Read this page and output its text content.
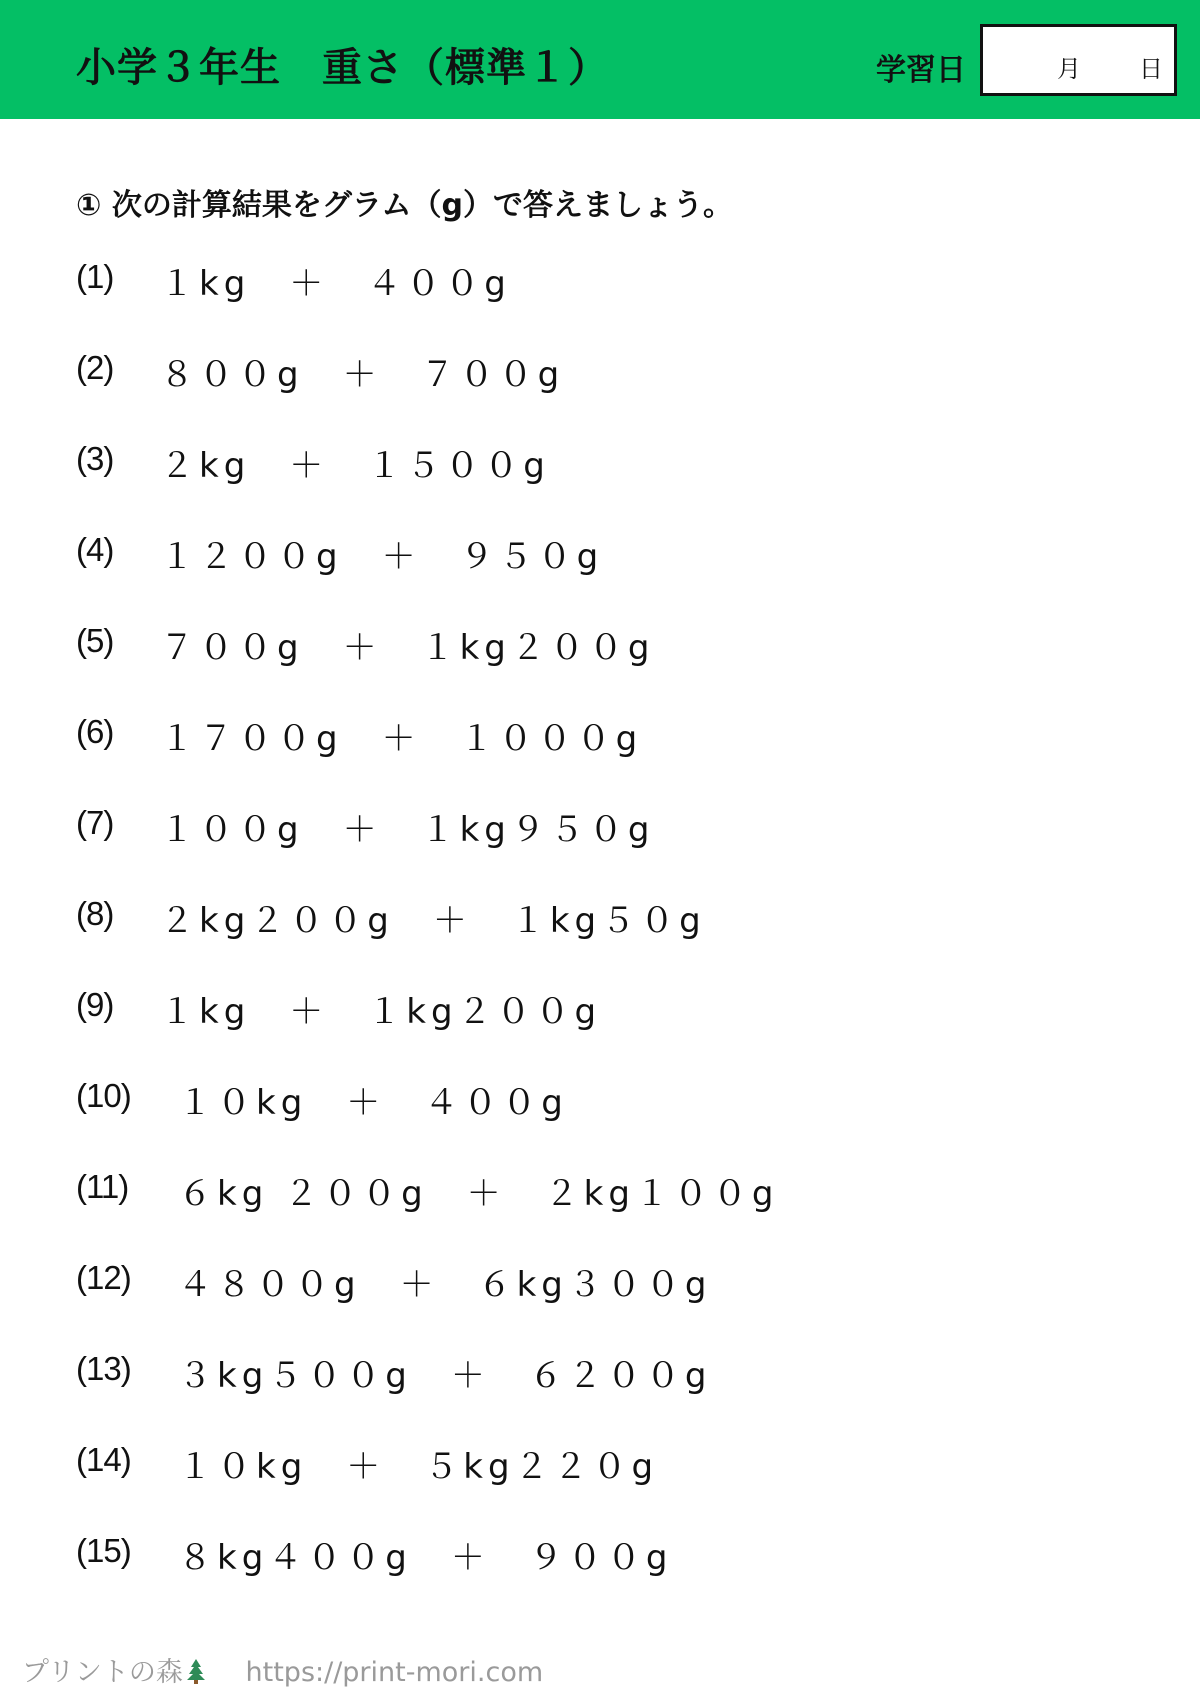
小学３年生　重さ（標準１）	学習日	月 日
① 次の計算結果をグラム（g）で答えましょう。
(1) １kg　＋　４００g
(2) ８００g　＋　７００g
(3) ２kg　＋　１５００g
(4) １２００g　＋　９５０g
(5) ７００g　＋　１kg２００g
(6) １７００g　＋　１０００g
(7) １００g　＋　１kg９５０g
(8) ２kg２００g　＋　１kg５０g
(9) １kg　＋　１kg２００g
(10) １０kg　＋　４００g
(11) ６kg ２００g　＋　２kg１００g
(12) ４８００g　＋　６kg３００g
(13) ３kg５００g　＋　６２００g
(14) １０kg　＋　５kg２２０g
(15) ８kg４００g　＋　９００g
プリントの森 https://print-mori.com
